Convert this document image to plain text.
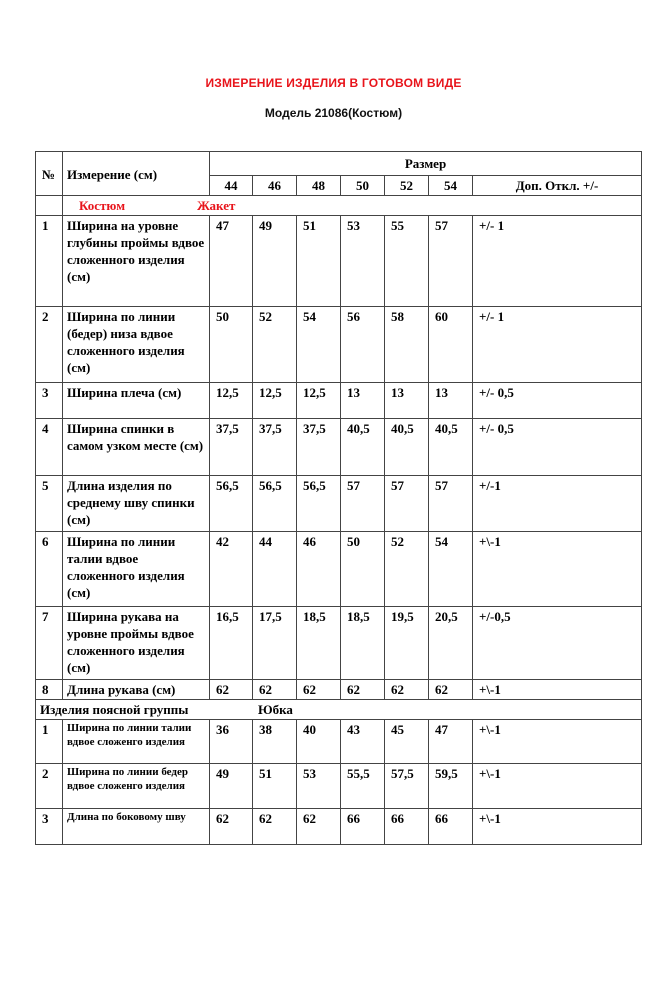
ИЗМЕРЕНИЕ ИЗДЕЛИЯ В ГОТОВОМ ВИДЕ
Модель 21086(Костюм)
№	Измерение (см)	Размер						
		44	46	48	50	52	54	Доп. Откл. +/-
	Костюм Жакет							
1	Ширина на уровне глубины проймы вдвое сложенного изделия (см)	47	49	51	53	55	57	+/- 1
2	Ширина по линии (бедер) низа вдвое сложенного изделия (см)	50	52	54	56	58	60	+/- 1
3	Ширина плеча (см)	12,5	12,5	12,5	13	13	13	+/- 0,5
4	Ширина спинки в самом узком месте (см)	37,5	37,5	37,5	40,5	40,5	40,5	+/- 0,5
5	Длина изделия по среднему шву спинки (см)	56,5	56,5	56,5	57	57	57	+/-1
6	Ширина по линии талии вдвое сложенного изделия (см)	42	44	46	50	52	54	+\-1
7	Ширина рукава на уровне проймы вдвое сложенного изделия (см)	16,5	17,5	18,5	18,5	19,5	20,5	+/-0,5
8	Длина рукава (см)	62	62	62	62	62	62	+\-1
Изделия поясной группы Юбка								
1	Ширина по линии талии вдвое сложенго изделия	36	38	40	43	45	47	+\-1
2	Ширина по линии бедер вдвое сложенго изделия	49	51	53	55,5	57,5	59,5	+\-1
3	Длина по боковому шву	62	62	62	66	66	66	+\-1
